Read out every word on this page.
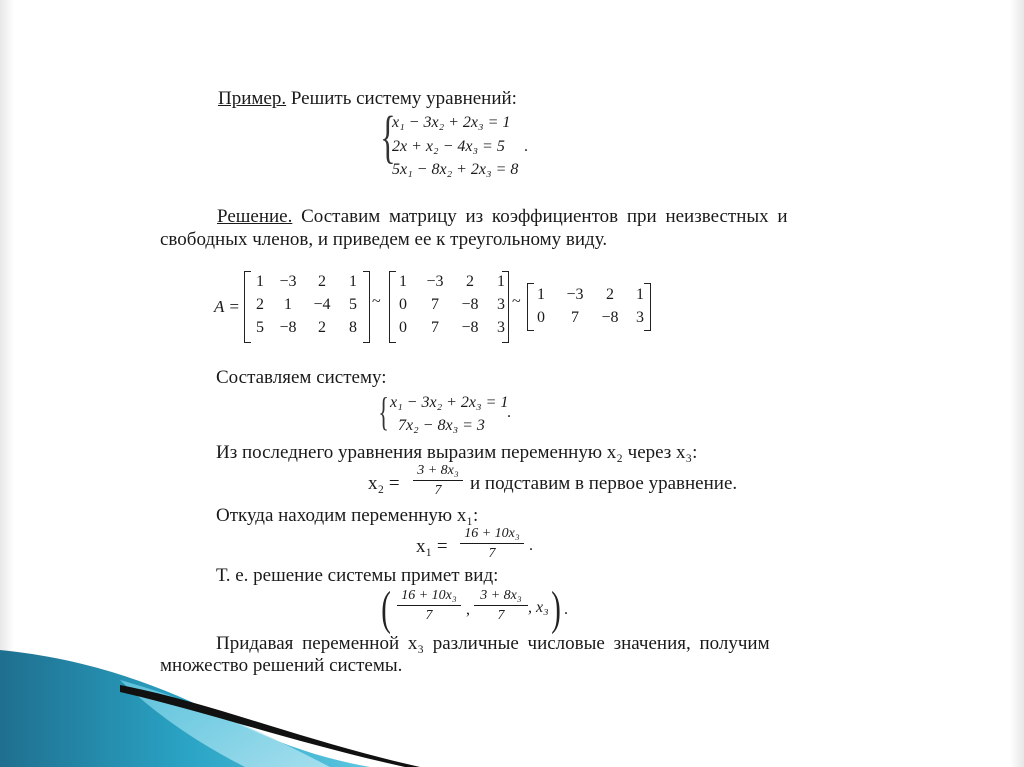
Пример. Решить систему уравнений:
{
x₁ − 3x₂ + 2x₃ = 1
2x + x₂ − 4x₃ = 5 .
5x₁ − 8x₂ + 2x₃ = 8
Решение. Составим матрицу из коэффициентов при неизвестных и
свободных членов, и приведем ее к треугольному виду.
A =
1 −3	2	1
2	1	−4	5
5 −8	2	8
~
1	−3	2	1
0	7	−8	3
0	7	−8	3
~	1	−3	2	1
0	7	−8	3
Составляем систему:
{ x₁ − 3x₂ + 2x₃ = 1
.
7x₂ − 8x₃ = 3
Из последнего уравнения выразим переменную x₂ через x₃:
$x_2 = \frac{\text{3 + 8x₃}}{7}$ и подставим в первое уравнение.
Откуда находим переменную x₁:
$x_1 = \frac{\text{16 + 10x₃}}{7}$ .
Т. е. решение системы примет вид:
( $\frac{\text{16 + 10x₃}}{7}$ , $\frac{\text{3 + 8x₃}}{7}$ , x₃ ) .
Придавая переменной x₃ различные числовые значения, получим
множество решений системы.
